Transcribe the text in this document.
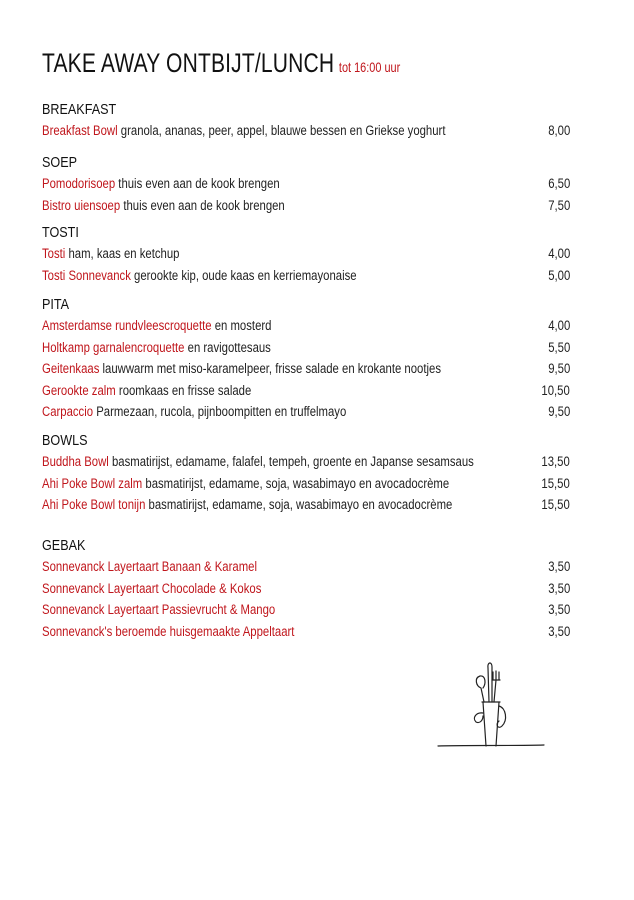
TAKE AWAY ONTBIJT/LUNCH tot 16:00 uur
BREAKFAST
Breakfast Bowl granola, ananas, peer, appel, blauwe bessen en Griekse yoghurt	8,00
SOEP
Pomodorisoep thuis even aan de kook brengen	6,50
Bistro uiensoep thuis even aan de kook brengen	7,50
TOSTI
Tosti ham, kaas en ketchup	4,00
Tosti Sonnevanck gerookte kip, oude kaas en kerriemayonaise	5,00
PITA
Amsterdamse rundvleescroquette en mosterd	4,00
Holtkamp garnalencroquette en ravigottesaus	5,50
Geitenkaas lauwwarm met miso-karamelpeer, frisse salade en krokante nootjes	9,50
Gerookte zalm roomkaas en frisse salade	10,50
Carpaccio Parmezaan, rucola, pijnboompitten en truffelmayo	9,50
BOWLS
Buddha Bowl basmatirijst, edamame, falafel, tempeh, groente en Japanse sesamsaus	13,50
Ahi Poke Bowl zalm basmatirijst, edamame, soja, wasabimayo en avocadocrème	15,50
Ahi Poke Bowl tonijn basmatirijst, edamame, soja, wasabimayo en avocadocrème	15,50
GEBAK
Sonnevanck Layertaart Banaan & Karamel	3,50
Sonnevanck Layertaart Chocolade & Kokos	3,50
Sonnevanck Layertaart Passievrucht & Mango	3,50
Sonnevanck's beroemde huisgemaakte Appeltaart	3,50
